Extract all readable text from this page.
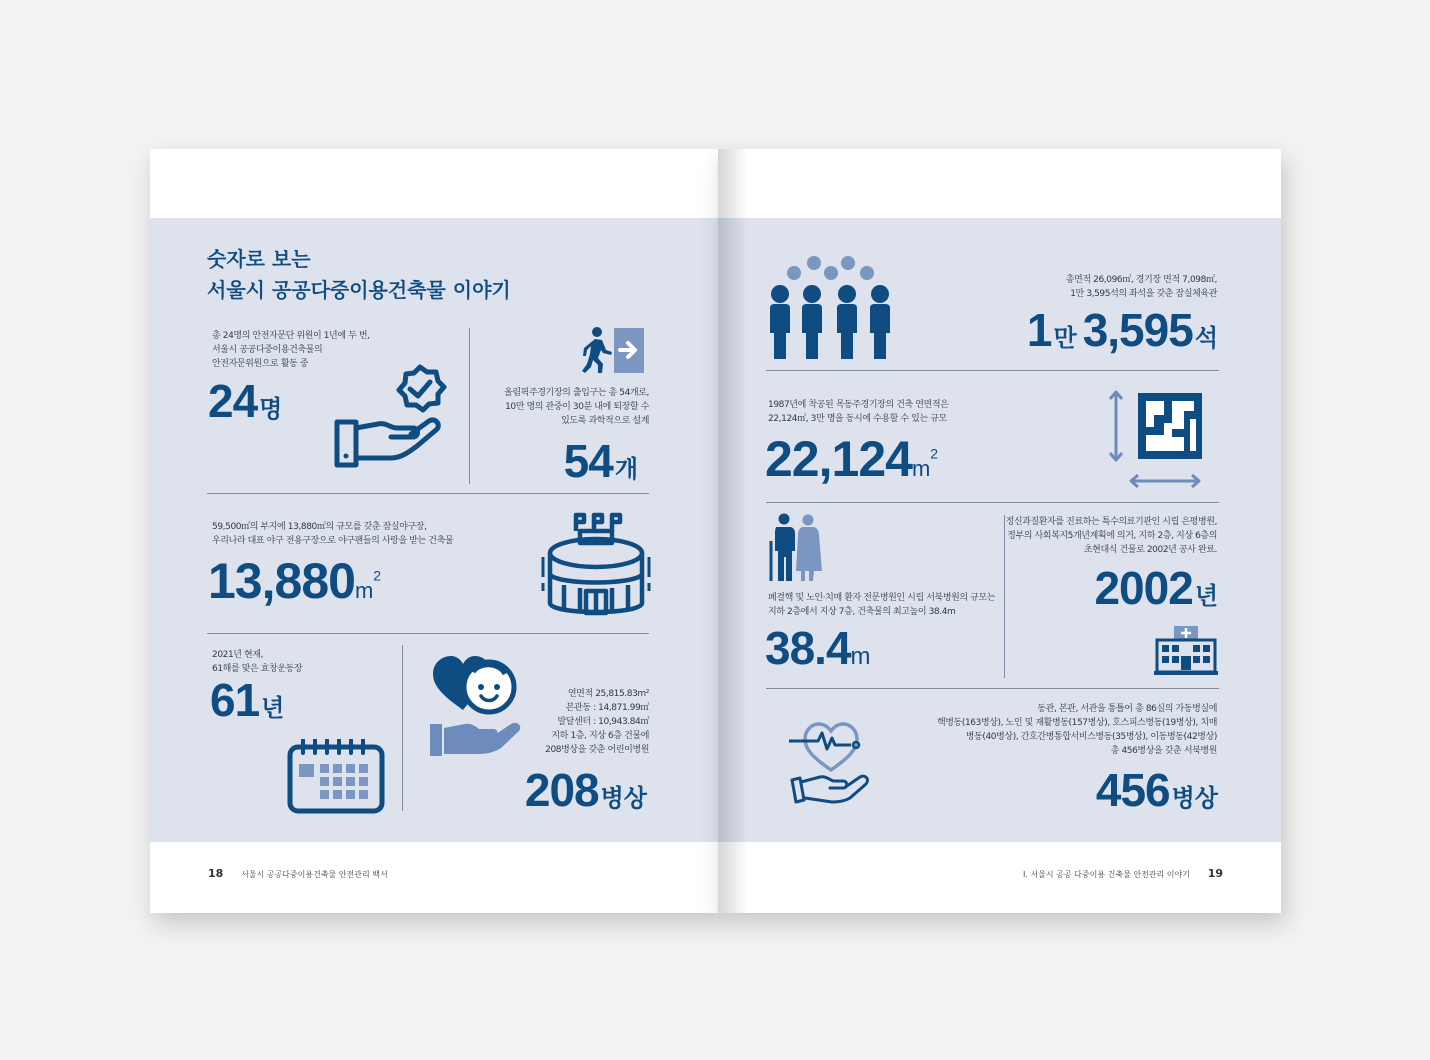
숫자로 보는
서울시 공공다중이용건축물 이야기
총 24명의 안전자문단 위원이 1년에 두 번,
서울시 공공다중이용건축물의
안전자문위원으로 활동 중
24명
올림픽주경기장의 출입구는 총 54개로,
10만 명의 관중이 30분 내에 퇴장할 수
있도록 과학적으로 설계
54개
59,500㎡의 부지에 13,880㎡의 규모를 갖춘 잠실야구장,
우리나라 대표 야구 전용구장으로 야구팬들의 사랑을 받는 건축물
$13,880m^2$
2021년 현재,
61해를 맞은 효창운동장
61년
연면적 25,815.83m²
본관동 : 14,871.99㎡
발달센터 : 10,943.84㎡
지하 1층, 지상 6층 건물에
208병상을 갖춘 어린이병원
208병상
18 서울시 공공다중이용건축물 안전관리 백서
총면적 26,096㎡, 경기장 면적 7,098㎡,
1만 3,595석의 좌석을 갖춘 잠실체육관
1만 3,595석
1987년에 착공된 목동주경기장의 건축 연면적은
22,124㎡, 3만 명을 동시에 수용할 수 있는 규모
$22,124m^2$
폐결핵 및 노인·치매 환자 전문병원인 시립 서북병원의 규모는
지하 2층에서 지상 7층, 건축물의 최고높이 38.4m
38.4m
정신과질환자를 진료하는 특수의료기관인 시립 은평병원,
정부의 사회복지5개년계획에 의거, 지하 2층, 지상 6층의
초현대식 건물로 2002년 공사 완료.
2002년
동관, 본관, 서관을 통틀어 총 86실의 가동병실에
핵병동(163병상), 노인 및 재활병동(157병상), 호스피스병동(19병상), 치매
병동(40병상), 간호간병통합서비스병동(35병상), 이동병동(42병상)
총 456병상을 갖춘 서북병원
456병상
Ⅰ. 서울시 공공 다중이용 건축물 안전관리 이야기 19
